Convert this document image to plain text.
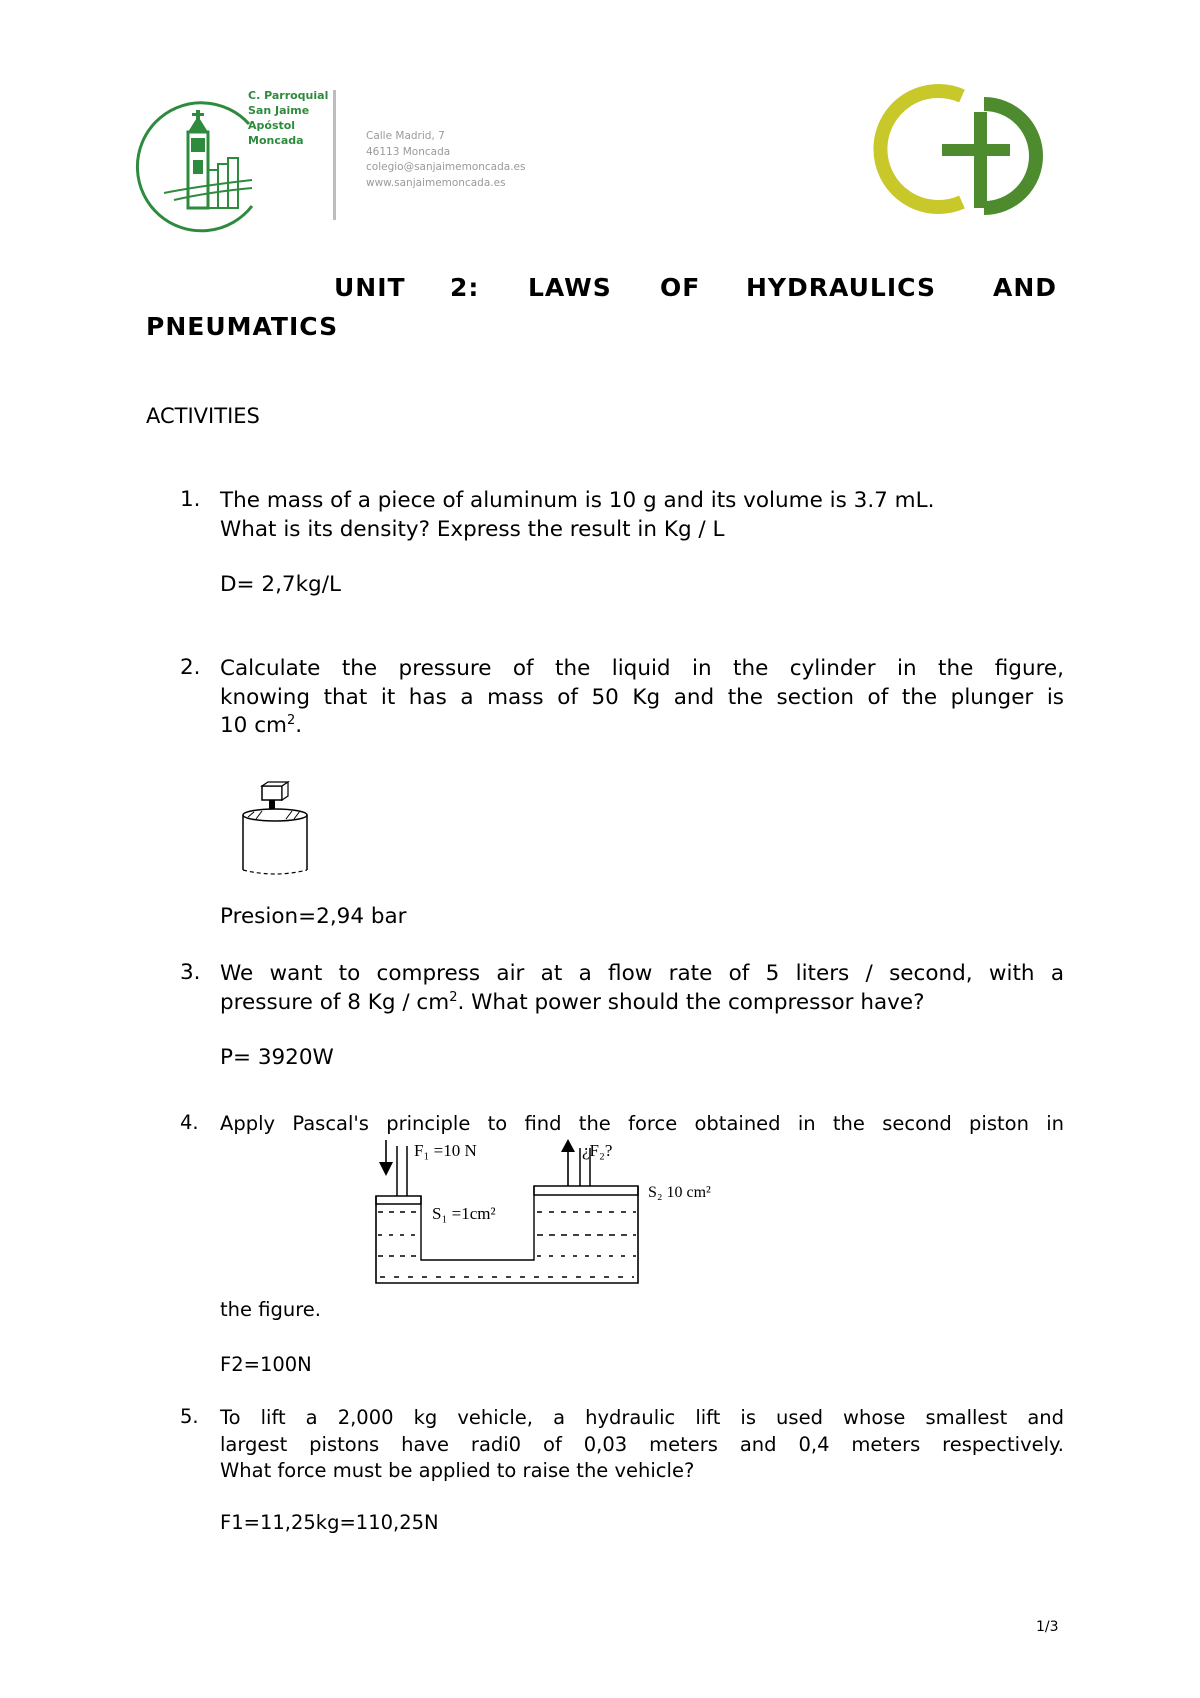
C. Parroquial
San Jaime
Apóstol
Moncada	Calle Madrid, 7
46113 Moncada
colegio@sanjaimemoncada.es
www.sanjaimemoncada.es
UNIT 2: LAWS OF HYDRAULICS AND
PNEUMATICS
ACTIVITIES
1. The mass of a piece of aluminum is 10 g and its volume is 3.7 mL.
What is its density? Express the result in Kg / L
D= 2,7kg/L
2. Calculate the pressure of the liquid in the cylinder in the figure,
knowing that it has a mass of 50 Kg and the section of the plunger is
10 $cm^2$.
Presion=2,94 bar
3. We want to compress air at a flow rate of 5 liters / second, with a
pressure of 8 Kg / $cm^2$. What power should the compressor have?
P= 3920W
4. Apply Pascal's principle to find the force obtained in the second piston in
F₁ =10 N	¿F₂?
S₂ 10 cm²
S₁ =1cm²
the figure.
F2=100N
5. To lift a 2,000 kg vehicle, a hydraulic lift is used whose smallest and
largest pistons have radi0 of 0,03 meters and 0,4 meters respectively.
What force must be applied to raise the vehicle?
F1=11,25kg=110,25N
1/3
